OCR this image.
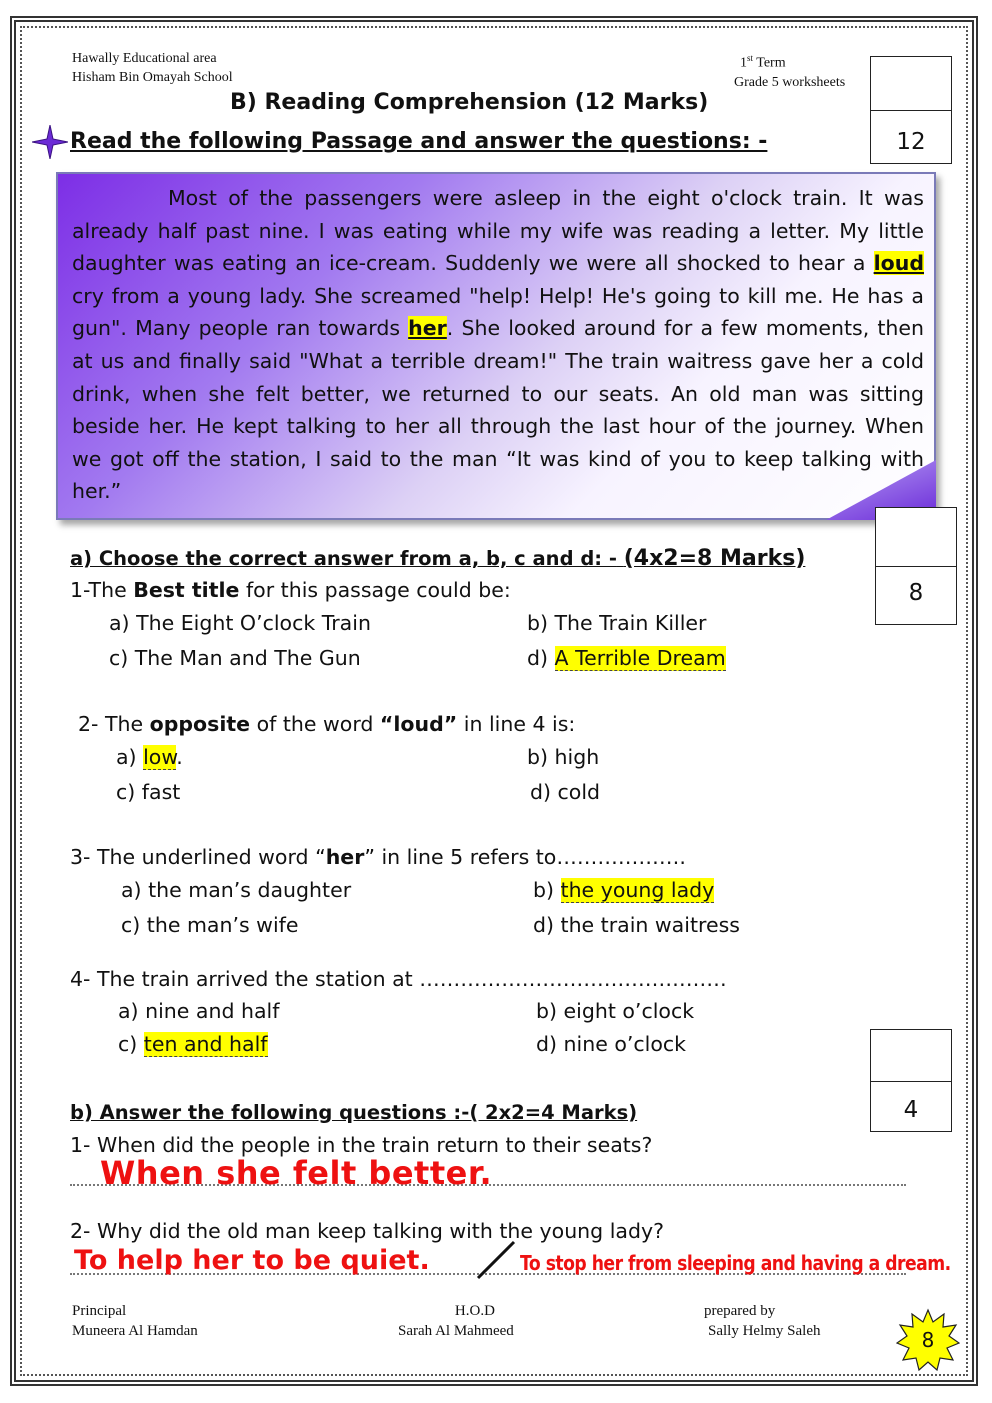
Hawally Educational area
Hisham Bin Omayah School
1st Term
Grade 5 worksheets
12
B) Reading Comprehension (12 Marks)
Read the following Passage and answer the questions: -
Most of the passengers were asleep in the eight o'clock train. It was already half past nine. I was eating while my wife was reading a letter. My little daughter was eating an ice-cream. Suddenly we were all shocked to hear a loud cry from a young lady. She screamed "help! Help! He's going to kill me. He has a gun". Many people ran towards her. She looked around for a few moments, then at us and finally said "What a terrible dream!" The train waitress gave her a cold drink, when she felt better, we returned to our seats. An old man was sitting beside her. He kept talking to her all through the last hour of the journey. When we got off the station, I said to the man “It was kind of you to keep talking with her.”
8
a) Choose the correct answer from a, b, c and d: - (4x2=8 Marks)
1-The Best title for this passage could be:
a) The Eight O’clock Train	b) The Train Killer
c) The Man and The Gun	d) A Terrible Dream
2- The opposite of the word “loud” in line 4 is:
a) low.	b) high
c) fast	d) cold
3- The underlined word “her” in line 5 refers to……………….
a) the man’s daughter	b) the young lady
c) the man’s wife	d) the train waitress
4- The train arrived the station at ………………………………………
a) nine and half	b) eight o’clock
c) ten and half	d) nine o’clock
4
b) Answer the following questions :-( 2x2=4 Marks)
1- When did the people in the train return to their seats?
When she felt better.
2- Why did the old man keep talking with the young lady?
To help her to be quiet.	To stop her from sleeping and having a dream.
Principal
Muneera Al Hamdan
H.O.D
Sarah Al Mahmeed
prepared by
Sally Helmy Saleh	8
